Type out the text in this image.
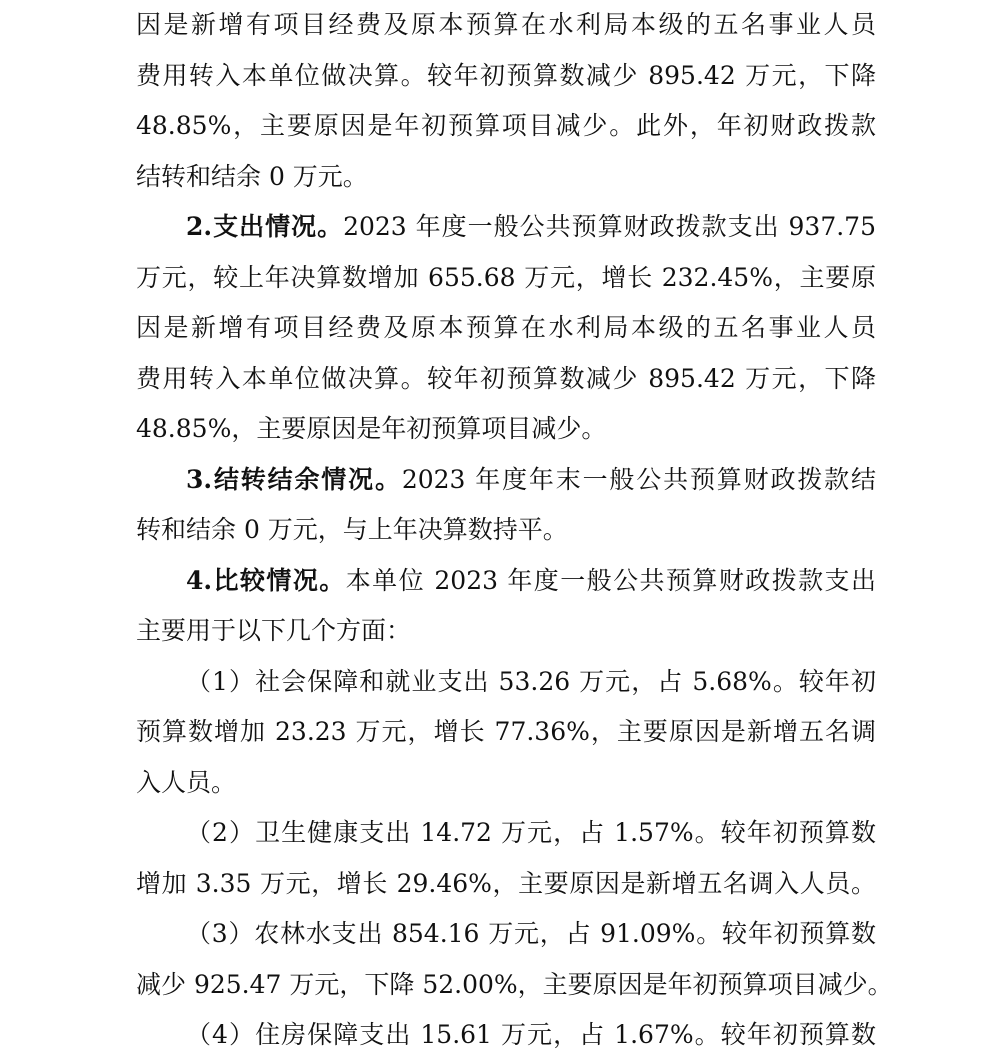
因是新增有项目经费及原本预算在水利局本级的五名事业人员
费用转入本单位做决算。较年初预算数减少 895.42 万元，下降
48.85%，主要原因是年初预算项目减少。此外，年初财政拨款
结转和结余 0 万元。
2.支出情况。2023 年度一般公共预算财政拨款支出 937.75
万元，较上年决算数增加 655.68 万元，增长 232.45%，主要原
因是新增有项目经费及原本预算在水利局本级的五名事业人员
费用转入本单位做决算。较年初预算数减少 895.42 万元，下降
48.85%，主要原因是年初预算项目减少。
3.结转结余情况。2023 年度年末一般公共预算财政拨款结
转和结余 0 万元，与上年决算数持平。
4.比较情况。本单位 2023 年度一般公共预算财政拨款支出
主要用于以下几个方面：
（1）社会保障和就业支出 53.26 万元，占 5.68%。较年初
预算数增加 23.23 万元，增长 77.36%，主要原因是新增五名调
入人员。
（2）卫生健康支出 14.72 万元，占 1.57%。较年初预算数
增加 3.35 万元，增长 29.46%，主要原因是新增五名调入人员。
（3）农林水支出 854.16 万元，占 91.09%。较年初预算数
减少 925.47 万元，下降 52.00%，主要原因是年初预算项目减少。
（4）住房保障支出 15.61 万元，占 1.67%。较年初预算数
